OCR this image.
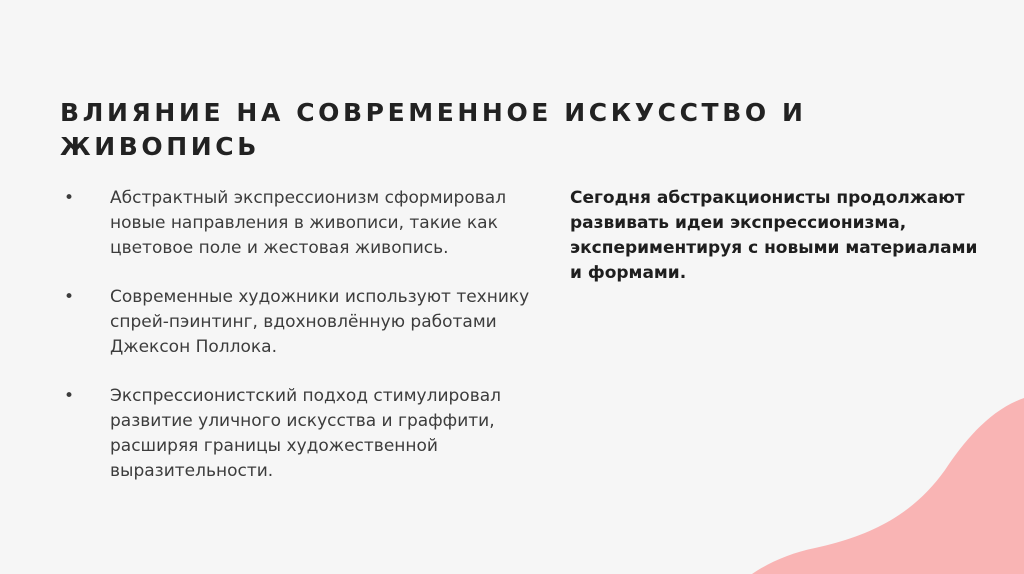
ВЛИЯНИЕ НА СОВРЕМЕННОЕ ИСКУССТВО И
ЖИВОПИСЬ
• Абстрактный экспрессионизм сформировал новые направления в живописи, такие как цветовое поле и жестовая живопись.
• Современные художники используют технику спрей-пэинтинг, вдохновлённую работами Джексон Поллока.
• Экспрессионистский подход стимулировал развитие уличного искусства и граффити, расширяя границы художественной выразительности.

Сегодня абстракционисты продолжают развивать идеи экспрессионизма, экспериментируя с новыми материалами и формами.
